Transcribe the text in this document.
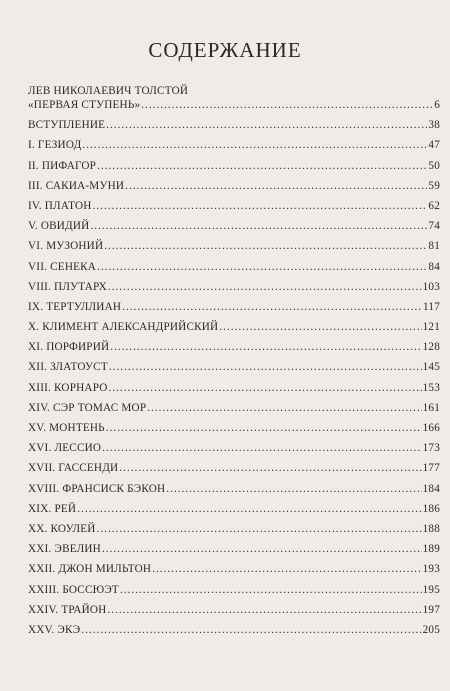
СОДЕРЖАНИЕ
ЛЕВ НИКОЛАЕВИЧ ТОЛСТОЙ
«ПЕРВАЯ СТУПЕНЬ» .....	6
ВСТУПЛЕНИЕ .....	38
I. ГЕЗИОД .....	47
II. ПИФАГОР .....	50
III. САКИА-МУНИ .....	59
IV. ПЛАТОН .....	62
V. ОВИДИЙ .....	74
VI. МУЗОНИЙ .....	81
VII. СЕНЕКА .....	84
VIII. ПЛУТАРХ .....	103
IX. ТЕРТУЛЛИАН .....	117
X. КЛИМЕНТ АЛЕКСАНДРИЙСКИЙ .....	121
XI. ПОРФИРИЙ .....	128
XII. ЗЛАТОУСТ .....	145
XIII. КОРНАРО .....	153
XIV. СЭР ТОМАС МОР .....	161
XV. МОНТЕНЬ .....	166
XVI. ЛЕССИО .....	173
XVII. ГАССЕНДИ .....	177
XVIII. ФРАНСИСК БЭКОН .....	184
XIX. РЕЙ .....	186
XX. КОУЛЕЙ .....	188
XXI. ЭВЕЛИН .....	189
XXII. ДЖОН МИЛЬТОН .....	193
XXIII. БОССЮЭТ .....	195
XXIV. ТРАЙОН .....	197
XXV. ЭКЭ .....	205
